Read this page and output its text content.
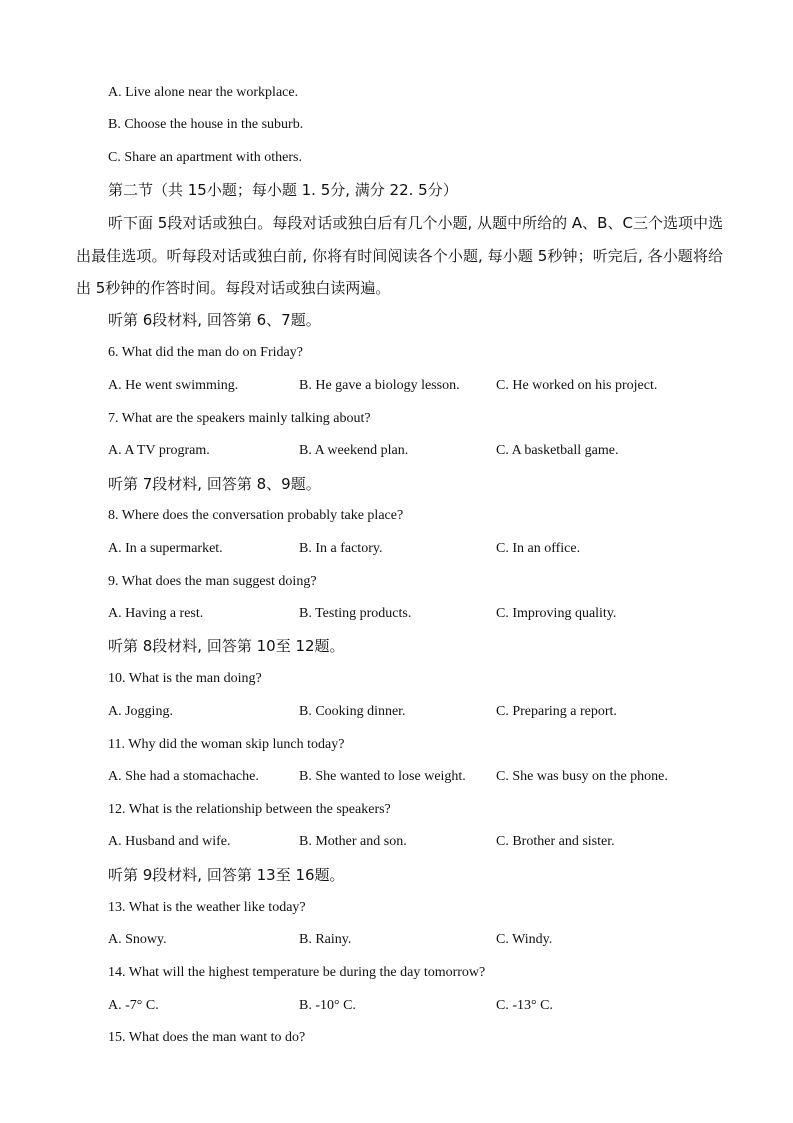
A. Live alone near the workplace.
B. Choose the house in the suburb.
C. Share an apartment with others.
第二节（共 15小题；每小题 1. 5分, 满分 22. 5分）
听下面 5段对话或独白。每段对话或独白后有几个小题, 从题中所给的 A、B、C三个选项中选出最佳选项。听每段对话或独白前, 你将有时间阅读各个小题, 每小题 5秒钟；听完后, 各小题将给出 5秒钟的作答时间。每段对话或独白读两遍。
听第 6段材料, 回答第 6、7题。
6. What did the man do on Friday?
A. He went swimming.	B. He gave a biology lesson.	C. He worked on his project.
7. What are the speakers mainly talking about?
A. A TV program.	B. A weekend plan.	C. A basketball game.
听第 7段材料, 回答第 8、9题。
8. Where does the conversation probably take place?
A. In a supermarket.	B. In a factory.	C. In an office.
9. What does the man suggest doing?
A. Having a rest.	B. Testing products.	C. Improving quality.
听第 8段材料, 回答第 10至 12题。
10. What is the man doing?
A. Jogging.	B. Cooking dinner.	C. Preparing a report.
11. Why did the woman skip lunch today?
A. She had a stomachache.	B. She wanted to lose weight. C. She was busy on the phone.
12. What is the relationship between the speakers?
A. Husband and wife.	B. Mother and son.	C. Brother and sister.
听第 9段材料, 回答第 13至 16题。
13. What is the weather like today?
A. Snowy.	B. Rainy.	C. Windy.
14. What will the highest temperature be during the day tomorrow?
A. -7° C.	B. -10° C.	C. -13° C.
15. What does the man want to do?
